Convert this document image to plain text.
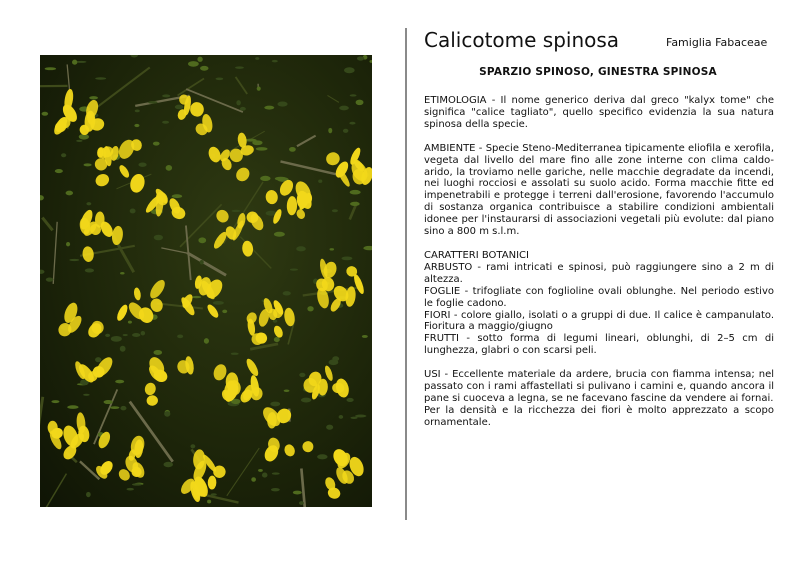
Calicotome spinosa	Famiglia Fabaceae
SPARZIO SPINOSO, GINESTRA SPINOSA

ETIMOLOGIA - Il nome generico deriva dal greco "kalyx tome" che significa "calice tagliato", quello specifico evidenzia la sua natura spinosa della specie.

AMBIENTE - Specie Steno-Mediterranea tipicamente eliofila e xerofila, vegeta dal livello del mare fino alle zone interne con clima caldo-arido, la troviamo nelle gariche, nelle macchie degradate da incendi, nei luoghi rocciosi e assolati su suolo acido. Forma macchie fitte ed impenetrabili e protegge i terreni dall'erosione, favorendo l'accumulo di sostanza organica contribuisce a stabilire condizioni ambientali idonee per l'instaurarsi di associazioni vegetali più evolute: dal piano sino a 800 m s.l.m.

CARATTERI BOTANICI

ARBUSTO - rami intricati e spinosi, può raggiungere sino a 2 m di altezza.

FOGLIE - trifogliate con foglioline ovali oblunghe. Nel periodo estivo le foglie cadono.

FIORI - colore giallo, isolati o a gruppi di due. Il calice è campanulato. Fioritura a maggio/giugno

FRUTTI - sotto forma di legumi lineari, oblunghi, di 2–5 cm di lunghezza, glabri o con scarsi peli.

USI - Eccellente materiale da ardere, brucia con fiamma intensa; nel passato con i rami affastellati si pulivano i camini e, quando ancora il pane si cuoceva a legna, se ne facevano fascine da vendere ai fornai.

Per la densità e la ricchezza dei fiori è molto apprezzato a scopo ornamentale.
